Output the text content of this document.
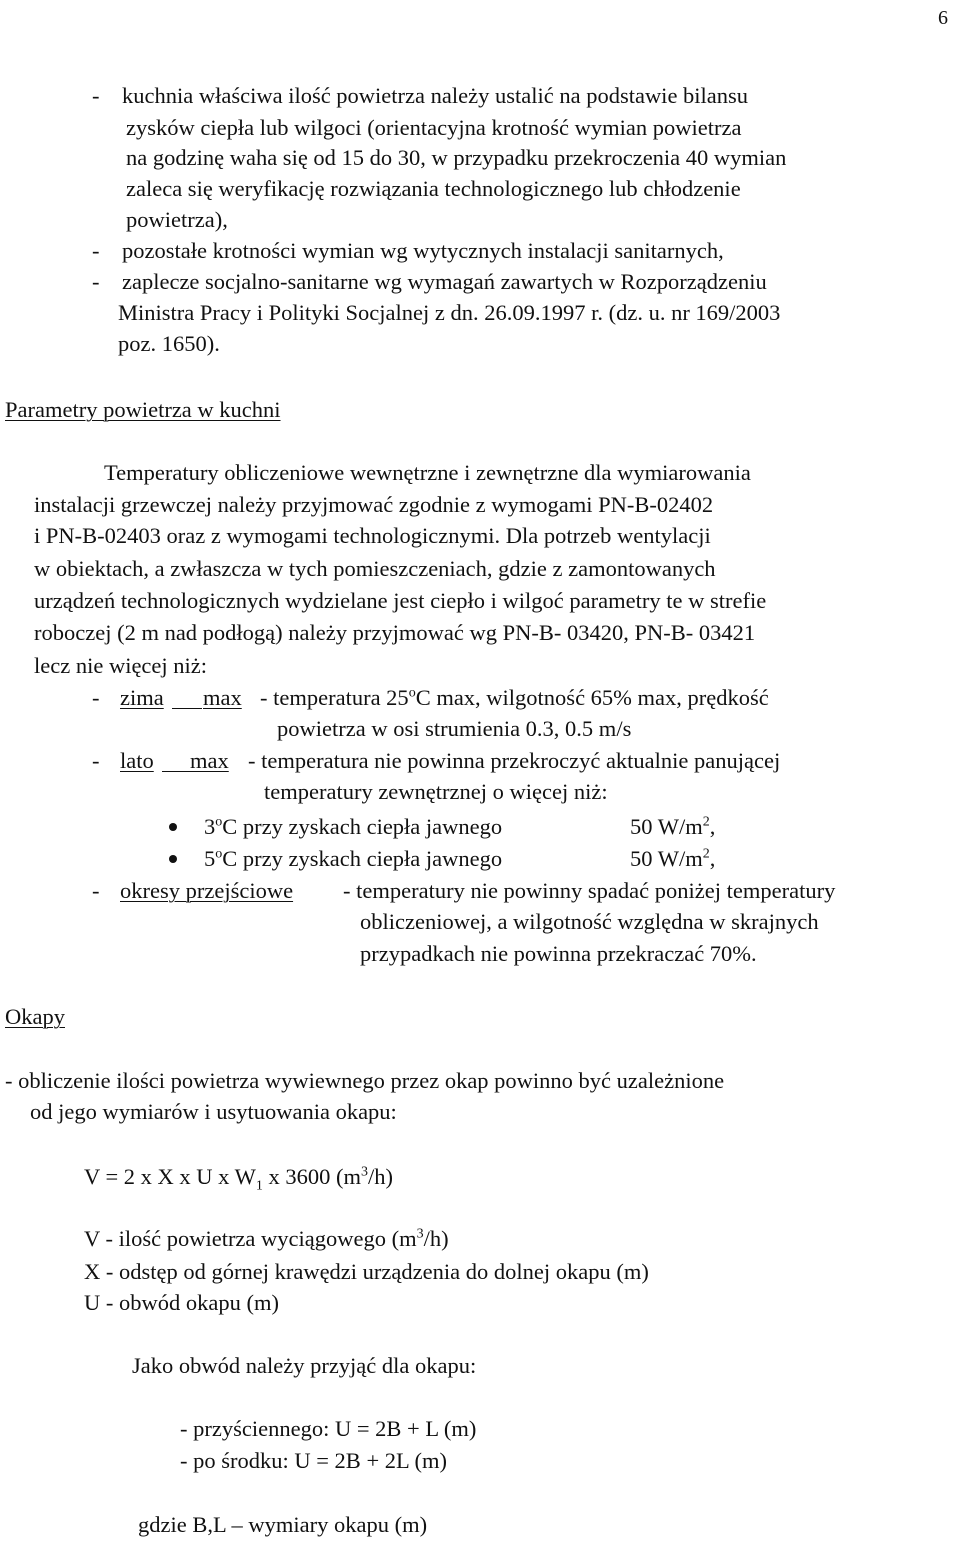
6
- kuchnia właściwa ilość powietrza należy ustalić na podstawie bilansu
zysków ciepła lub wilgoci (orientacyjna krotność wymian powietrza
na godzinę waha się od 15 do 30, w przypadku przekroczenia 40 wymian
zaleca się weryfikację rozwiązania technologicznego lub chłodzenie
powietrza),
- pozostałe krotności wymian wg wytycznych instalacji sanitarnych,
- zaplecze socjalno-sanitarne wg wymagań zawartych w Rozporządzeniu
Ministra Pracy i Polityki Socjalnej z dn. 26.09.1997 r. (dz. u. nr 169/2003
poz. 1650).
Parametry powietrza w kuchni
Temperatury obliczeniowe wewnętrzne i zewnętrzne dla wymiarowania
instalacji grzewczej należy przyjmować zgodnie z wymogami PN-B-02402
i PN-B-02403 oraz z wymogami technologicznymi. Dla potrzeb wentylacji
w obiektach, a zwłaszcza w tych pomieszczeniach, gdzie z zamontowanych
urządzeń technologicznych wydzielane jest ciepło i wilgoć parametry te w strefie
roboczej (2 m nad podłogą) należy przyjmować wg PN-B- 03420, PN-B- 03421
lecz nie więcej niż:
- zima max - temperatura 25$^o$C max, wilgotność 65% max, prędkość
powietrza w osi strumienia 0.3, 0.5 m/s
- lato max - temperatura nie powinna przekroczyć aktualnie panującej
temperatury zewnętrznej o więcej niż:
3$^o$C przy zyskach ciepła jawnego	50 $W/m^2$,
5$^o$C przy zyskach ciepła jawnego	50 $W/m^2$,
- okresy przejściowe - temperatury nie powinny spadać poniżej temperatury
obliczeniowej, a wilgotność względna w skrajnych
przypadkach nie powinna przekraczać 70%.
Okapy
- obliczenie ilości powietrza wywiewnego przez okap powinno być uzależnione
od jego wymiarów i usytuowania okapu:
V = 2 x X x U x $W_1$ x 3600 $(m^3/h)$
V - ilość powietrza wyciągowego $(m^3/h)$
X - odstęp od górnej krawędzi urządzenia do dolnej okapu (m)
U - obwód okapu (m)
Jako obwód należy przyjąć dla okapu:
- przyściennego: U = 2B + L (m)
- po środku: U = 2B + 2L (m)
gdzie B,L – wymiary okapu (m)
